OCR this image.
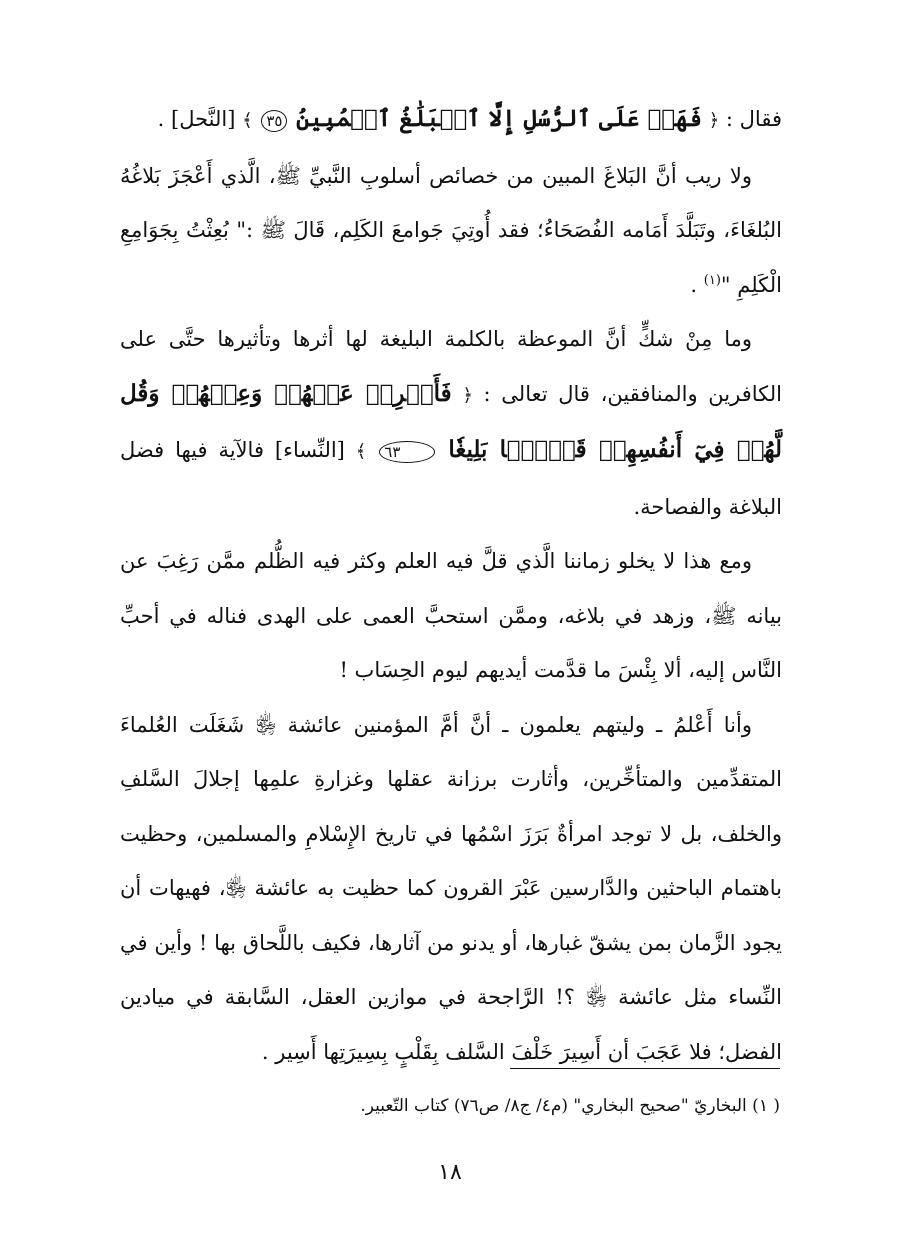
فقال : ﴿ فَهَلۡ عَلَى ٱلرُّسُلِ إِلَّا ٱلۡبَلَٰغُ ٱلۡمُبِينُ ٣٥ ﴾ [النَّحل] .

ولا ريب أنَّ البَلاغَ المبين من خصائص أسلوبِ النَّبيِّ ﷺ، الَّذي أَعْجَزَ بَلاغُهُ البُلغَاءَ، وتَبَلَّدَ أَمَامه الفُصَحَاءُ؛ فقد أُوتِيَ جَوامعَ الكَلِم، قَالَ ﷺ :" بُعِثْتُ بِجَوَامِعِ الْكَلِمِ "$^{(١)}$ .

وما مِنْ شكٍّ أنَّ الموعظة بالكلمة البليغة لها أثرها وتأثيرها حتَّى على الكافرين والمنافقين، قال تعالى : ﴿ فَأَعۡرِضۡ عَنۡهُمۡ وَعِظۡهُمۡ وَقُل لَّهُمۡ فِيٓ أَنفُسِهِمۡ قَوۡلَۢا بَلِيغٗا ٦٣ ﴾ [النِّساء] فالآية فيها فضل البلاغة والفصاحة.

ومع هذا لا يخلو زماننا الَّذي قلَّ فيه العلم وكثر فيه الظُّلم ممَّن رَغِبَ عن بيانه ﷺ، وزهد في بلاغه، وممَّن استحبَّ العمى على الهدى فناله في أحبِّ النَّاس إليه، ألا بِئْسَ ما قدَّمت أيديهم ليوم الحِسَاب !

وأنا أَعْلمُ ـ وليتهم يعلمون ـ أنَّ أمَّ المؤمنين عائشة ﵂ شَغَلَت العُلماءَ المتقدِّمين والمتأخِّرين، وأثارت برزانة عقلها وغزارةِ علمِها إجلالَ السَّلفِ والخلف، بل لا توجد امرأةٌ بَرَزَ اسْمُها في تاريخ الإِسْلامِ والمسلمين، وحظيت باهتمام الباحثين والدَّارسين عَبْرَ القرون كما حظيت به عائشة ﵂، فهيهات أن يجود الزَّمان بمن يشقّ غبارها، أو يدنو من آثارها، فكيف باللَّحاق بها ! وأين في النِّساء مثل عائشة ﵂ ؟! الرَّاجحة في موازين العقل، السَّابقة في ميادين الفضل؛ فلا عَجَبَ أن أَسِيرَ خَلْفَ السَّلف بِقَلْبٍ بِسِيرَتِها أَسِير .

( ١) البخاريّ "صحيح البخاري" (م٤/ ج٨/ ص٧٦) كتاب التّعبير.
١٨
